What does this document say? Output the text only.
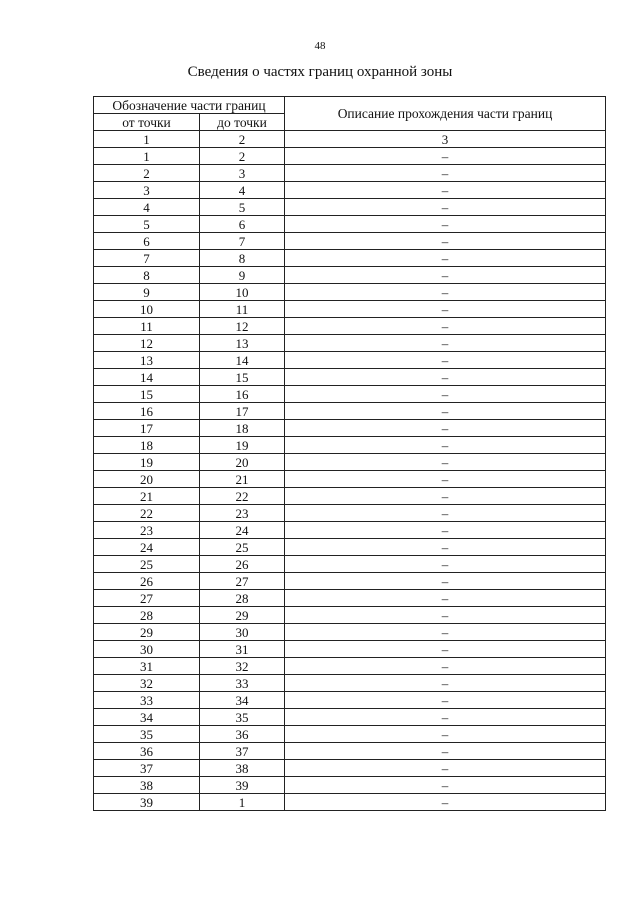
48
Сведения о частях границ охранной зоны
Обозначение части границ		Описание прохождения части границ
от точки	до точки	
1	2	3
1	2	–
2	3	–
3	4	–
4	5	–
5	6	–
6	7	–
7	8	–
8	9	–
9	10	–
10	11	–
11	12	–
12	13	–
13	14	–
14	15	–
15	16	–
16	17	–
17	18	–
18	19	–
19	20	–
20	21	–
21	22	–
22	23	–
23	24	–
24	25	–
25	26	–
26	27	–
27	28	–
28	29	–
29	30	–
30	31	–
31	32	–
32	33	–
33	34	–
34	35	–
35	36	–
36	37	–
37	38	–
38	39	–
39	1	–
